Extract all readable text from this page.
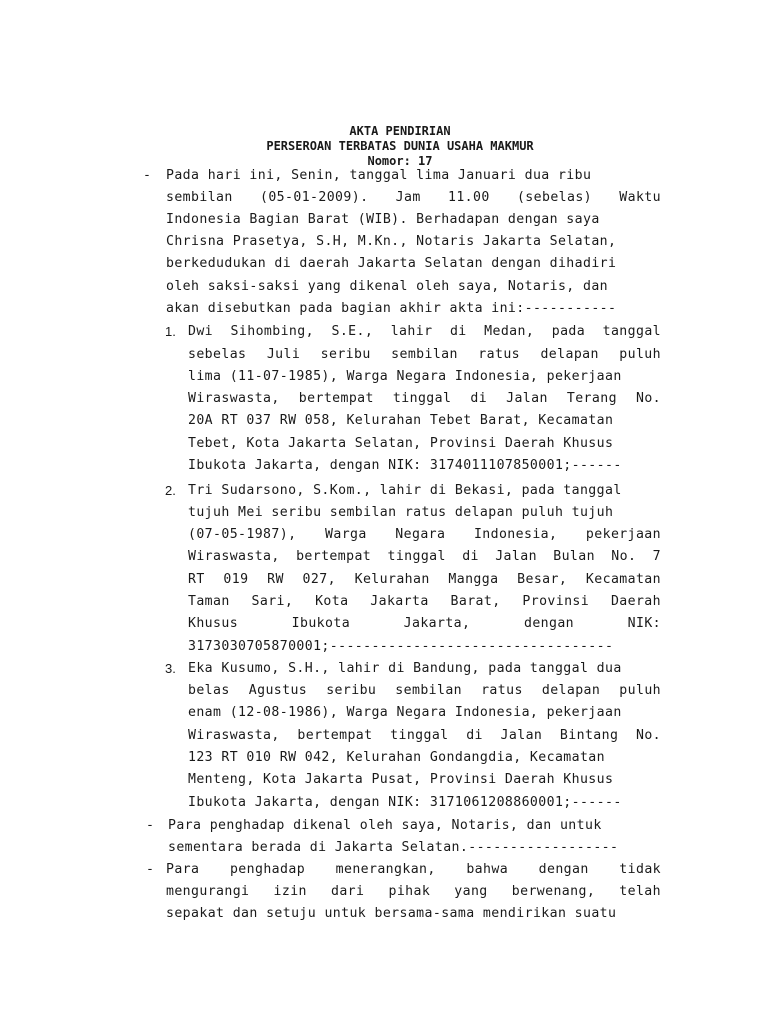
AKTA PENDIRIAN
PERSEROAN TERBATAS DUNIA USAHA MAKMUR
Nomor: 17
- Pada hari ini, Senin, tanggal lima Januari dua ribu
sembilan (05-01-2009). Jam 11.00 (sebelas) Waktu
Indonesia Bagian Barat (WIB). Berhadapan dengan saya
Chrisna Prasetya, S.H, M.Kn., Notaris Jakarta Selatan,
berkedudukan di daerah Jakarta Selatan dengan dihadiri
oleh saksi-saksi yang dikenal oleh saya, Notaris, dan
akan disebutkan pada bagian akhir akta ini:-----------
1. Dwi Sihombing, S.E., lahir di Medan, pada tanggal
sebelas Juli seribu sembilan ratus delapan puluh
lima (11-07-1985), Warga Negara Indonesia, pekerjaan
Wiraswasta, bertempat tinggal di Jalan Terang No.
20A RT 037 RW 058, Kelurahan Tebet Barat, Kecamatan
Tebet, Kota Jakarta Selatan, Provinsi Daerah Khusus
Ibukota Jakarta, dengan NIK: 3174011107850001;------
2. Tri Sudarsono, S.Kom., lahir di Bekasi, pada tanggal
tujuh Mei seribu sembilan ratus delapan puluh tujuh
(07-05-1987), Warga Negara Indonesia, pekerjaan
Wiraswasta, bertempat tinggal di Jalan Bulan No. 7
RT 019 RW 027, Kelurahan Mangga Besar, Kecamatan
Taman Sari, Kota Jakarta Barat, Provinsi Daerah
Khusus Ibukota Jakarta, dengan NIK:
3173030705870001;----------------------------------
3. Eka Kusumo, S.H., lahir di Bandung, pada tanggal dua
belas Agustus seribu sembilan ratus delapan puluh
enam (12-08-1986), Warga Negara Indonesia, pekerjaan
Wiraswasta, bertempat tinggal di Jalan Bintang No.
123 RT 010 RW 042, Kelurahan Gondangdia, Kecamatan
Menteng, Kota Jakarta Pusat, Provinsi Daerah Khusus
Ibukota Jakarta, dengan NIK: 3171061208860001;------
- Para penghadap dikenal oleh saya, Notaris, dan untuk
sementara berada di Jakarta Selatan.------------------
- Para penghadap menerangkan, bahwa dengan tidak
mengurangi izin dari pihak yang berwenang, telah
sepakat dan setuju untuk bersama-sama mendirikan suatu
